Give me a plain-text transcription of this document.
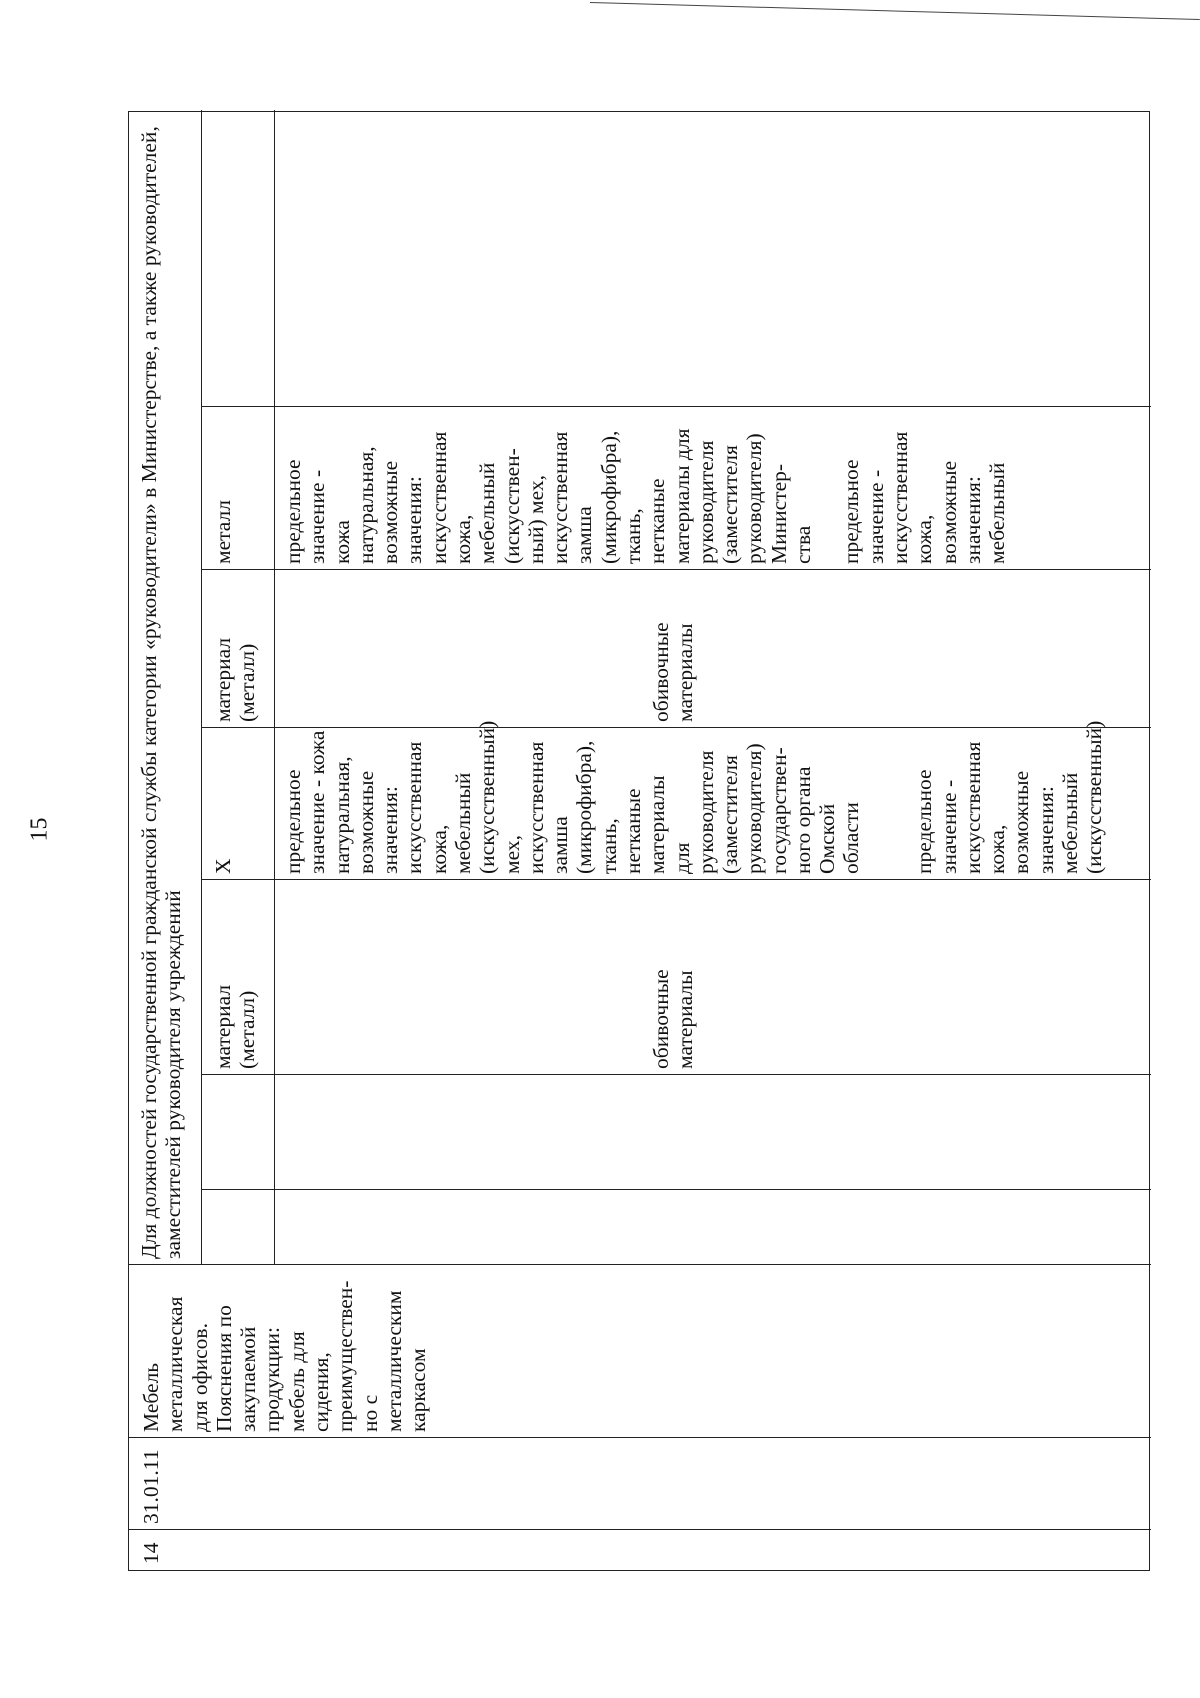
15
14
31.01.11
Мебель
металлическая
для офисов.
Пояснения по
закупаемой
продукции:
мебель для
сидения,
преимуществен-
но с
металлическим
каркасом
Для должностей государственной гражданской службы категории «руководители» в Министерстве, а также руководителей, заместителей руководителя учреждений материал
(металл)
X
материал
(металл)
металл
обивочные
материалы
предельное
значение - кожа
натуральная,
возможные
значения:
искусственная
кожа, мебельный
(искусственный)
мех,
искусственная
замша
(микрофибра),
ткань, нетканые
материалы
для руководителя
(заместителя
руководителя)
государствен-
ного органа
Омской области

предельное
значение -
искусственная
кожа, возможные
значения:
мебельный
(искусственный)
обивочные
материалы
предельное
значение -
кожа
натуральная,
возможные
значения:
искусственная
кожа,
мебельный
(искусствен-
ный) мех,
искусственная
замша
(микрофибра),
ткань,
нетканые
материалы для
руководителя
(заместителя
руководителя)
Министер-
ства

предельное
значение -
искусственная
кожа,
возможные
значения:
мебельный
